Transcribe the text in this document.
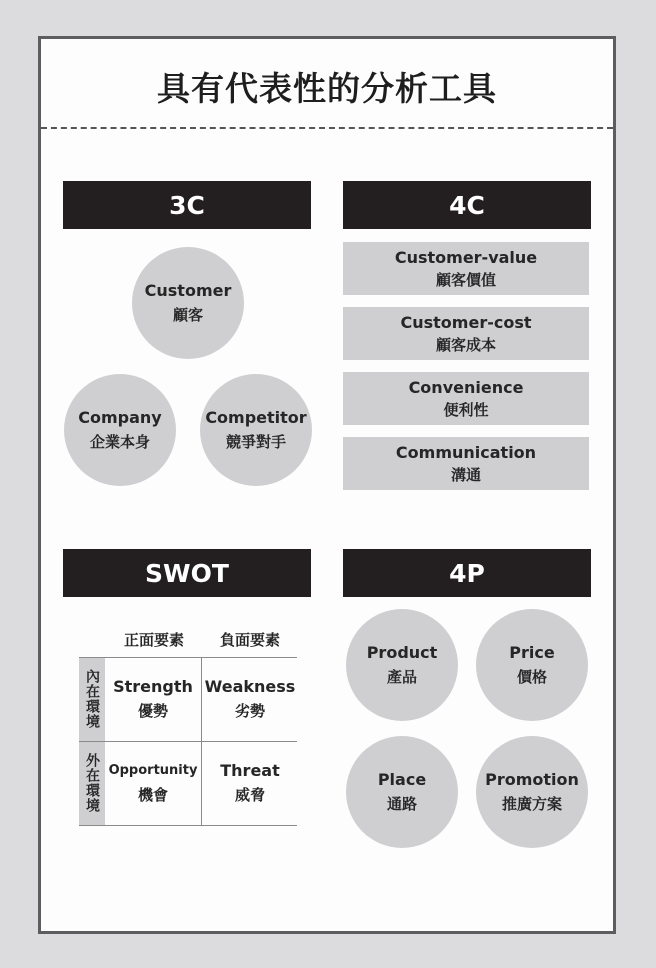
具有代表性的分析工具
3C
Customer
顧客
Company
企業本身
Competitor
競爭對手
4C
Customer-value
顧客價值
Customer-cost
顧客成本
Convenience
便利性
Communication
溝通
SWOT
正面要素	負面要素
內在環境
外在環境
Strength
優勢
Weakness
劣勢
Opportunity
機會
Threat
威脅
4P
Product
產品
Price
價格
Place
通路
Promotion
推廣方案
